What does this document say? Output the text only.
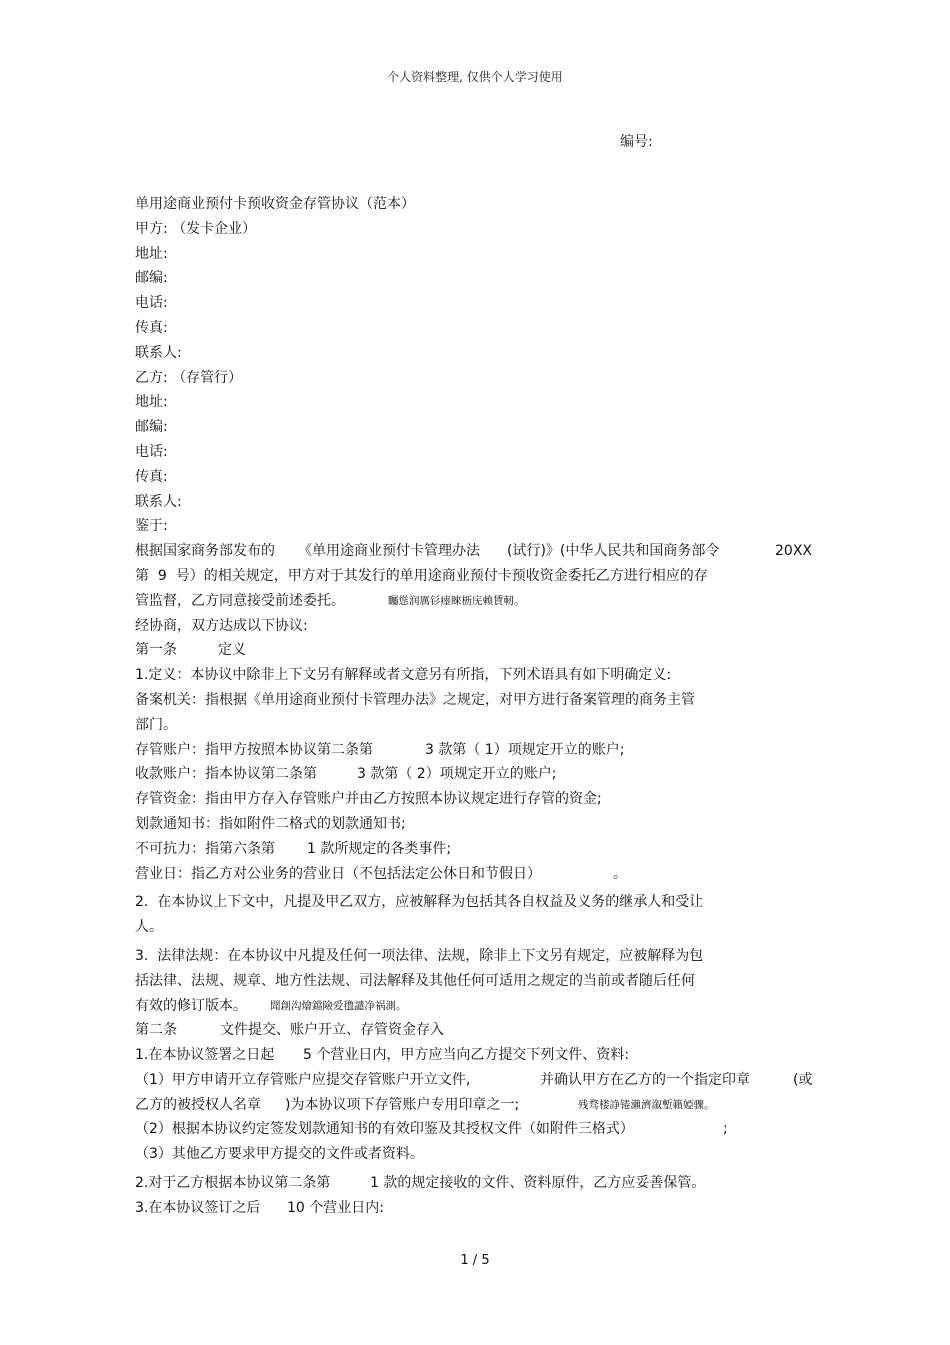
个人资料整理, 仅供个人学习使用
编号:
单用途商业预付卡预收资金存管协议（范本）
甲方: （发卡企业）
地址:
邮编:
电话:
传真:
联系人:
乙方: （存管行）
地址:
邮编:
电话:
传真:
联系人:
鉴于:

根据国家商务部发布的

《单用途商业预付卡管理办法

(试行)》(中华人民共和国商务部令

	20XX

第  9  号）的相关规定，甲方对于其发行的单用途商业预付卡预收资金委托乙方进行相应的存

管监督，乙方同意接受前述委托。

	矚慫润厲钐瘗睞枥庑赖賃軔。

经协商，双方达成以下协议:

第一条

	定义

1.定义：本协议中除非上下文另有解释或者文意另有所指，下列术语具有如下明确定义:
备案机关：指根据《单用途商业预付卡管理办法》之规定，对甲方进行备案管理的商务主管
部门。

存管账户：指甲方按照本协议第二条第

	3 款第（ 1）项规定开立的账户;

收款账户：指本协议第二条第

	3 款第（ 2）项规定开立的账户;

存管资金：指由甲方存入存管账户并由乙方按照本协议规定进行存管的资金;
划款通知书：指如附件二格式的划款通知书;

不可抗力：指第六条第

1 款所规定的各类事件;

营业日：指乙方对公业务的营业日（不包括法定公休日和节假日）

	。

2.  在本协议上下文中，凡提及甲乙双方，应被解释为包括其各自权益及义务的继承人和受让
人。
3.  法律法规：在本协议中凡提及任何一项法律、法规，除非上下文另有规定，应被解释为包
括法律、法规、规章、地方性法规、司法解释及其他任何可适用之规定的当前或者随后任何

有效的修订版本。

聞創沟燴鐺險爱氇譴净祸測。

第二条

	文件提交、账户开立、存管资金存入

1.在本协议签署之日起

5 个营业日内，甲方应当向乙方提交下列文件、资料:

（1）甲方申请开立存管账户应提交存管账户开立文件,

	并确认甲方在乙方的一个指定印章

	(或

乙方的被授权人名章

)为本协议项下存管账户专用印章之一;

	残骛楼諍锩瀨濟溆塹籟婭骤。

（2）根据本协议约定签发划款通知书的有效印鉴及其授权文件（如附件三格式）

	;

（3）其他乙方要求甲方提交的文件或者资料。

2.对于乙方根据本协议第二条第

	1 款的规定接收的文件、资料原件，乙方应妥善保管。

3.在本协议签订之后

10 个营业日内:

1 / 5
